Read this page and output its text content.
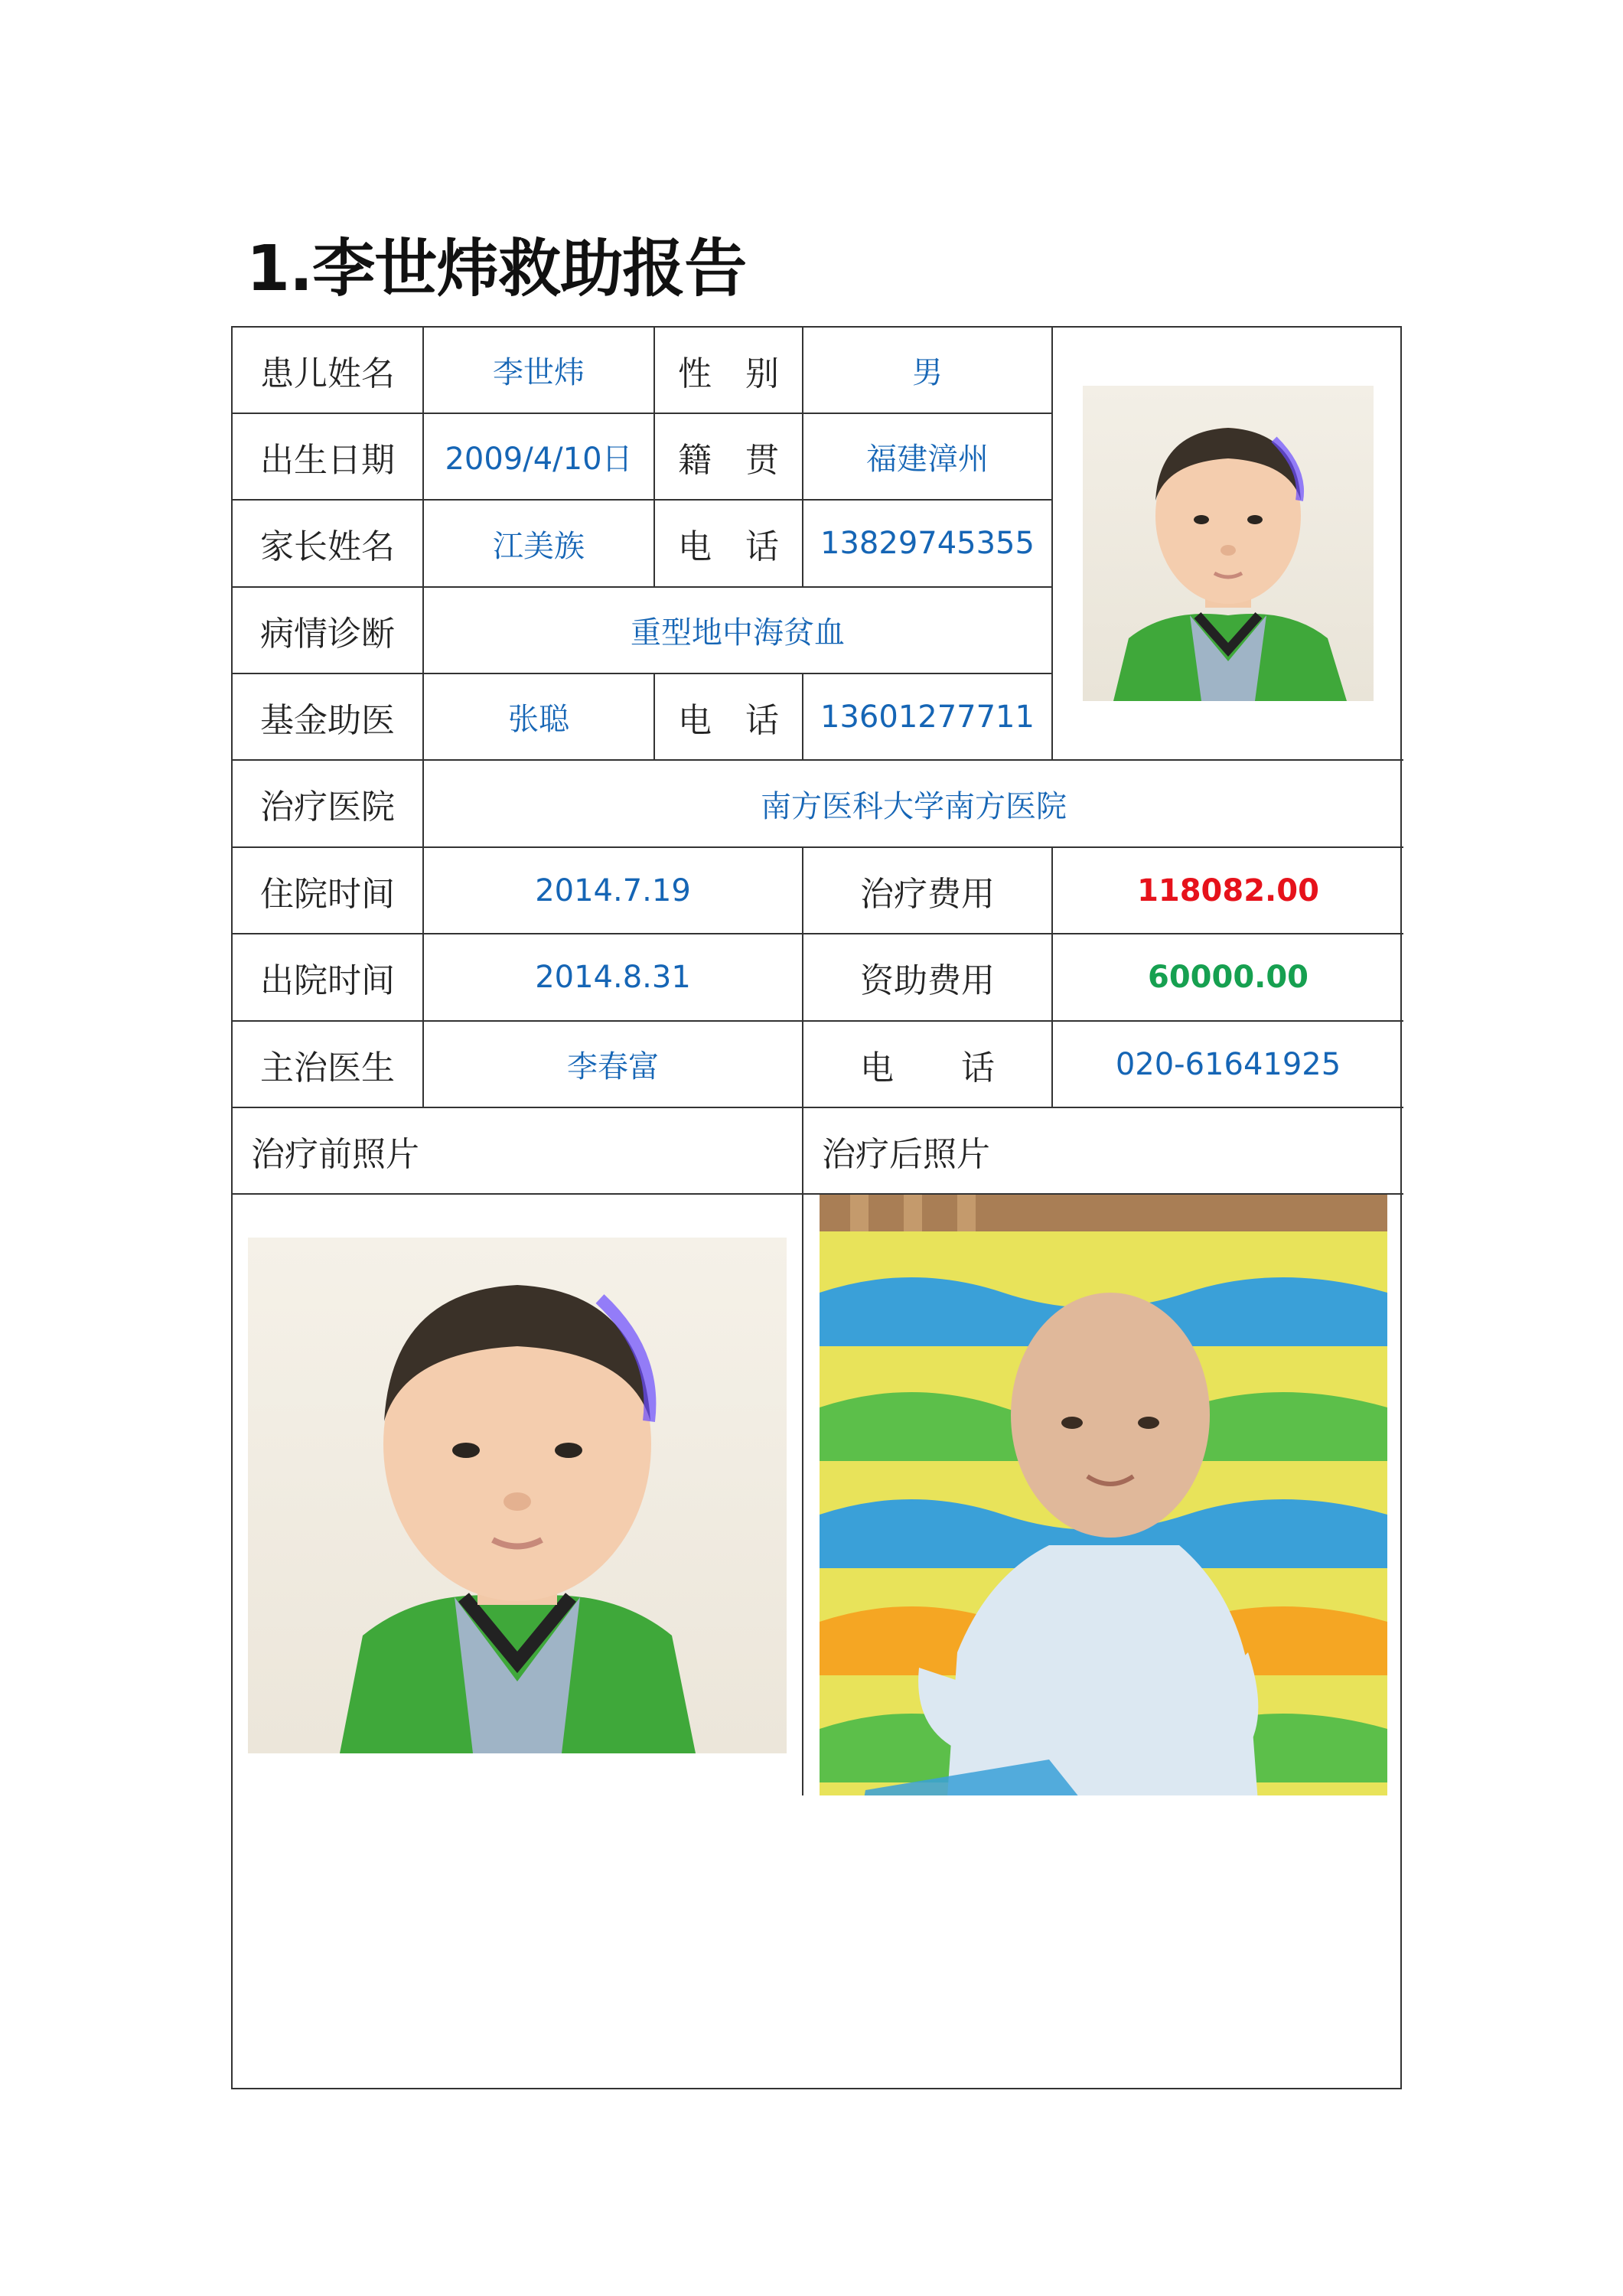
1.李世炜救助报告
患儿姓名	李世炜	性　别	男
出生日期	2009/4/10日	籍　贯	福建漳州
家长姓名	江美族	电　话	13829745355
病情诊断	重型地中海贫血
基金助医	张聪	电　话	13601277711
治疗医院	南方医科大学南方医院
住院时间	2014.7.19	治疗费用	118082.00
出院时间	2014.8.31	资助费用	60000.00
主治医生	李春富	电　　话	020-61641925
治疗前照片	治疗后照片
